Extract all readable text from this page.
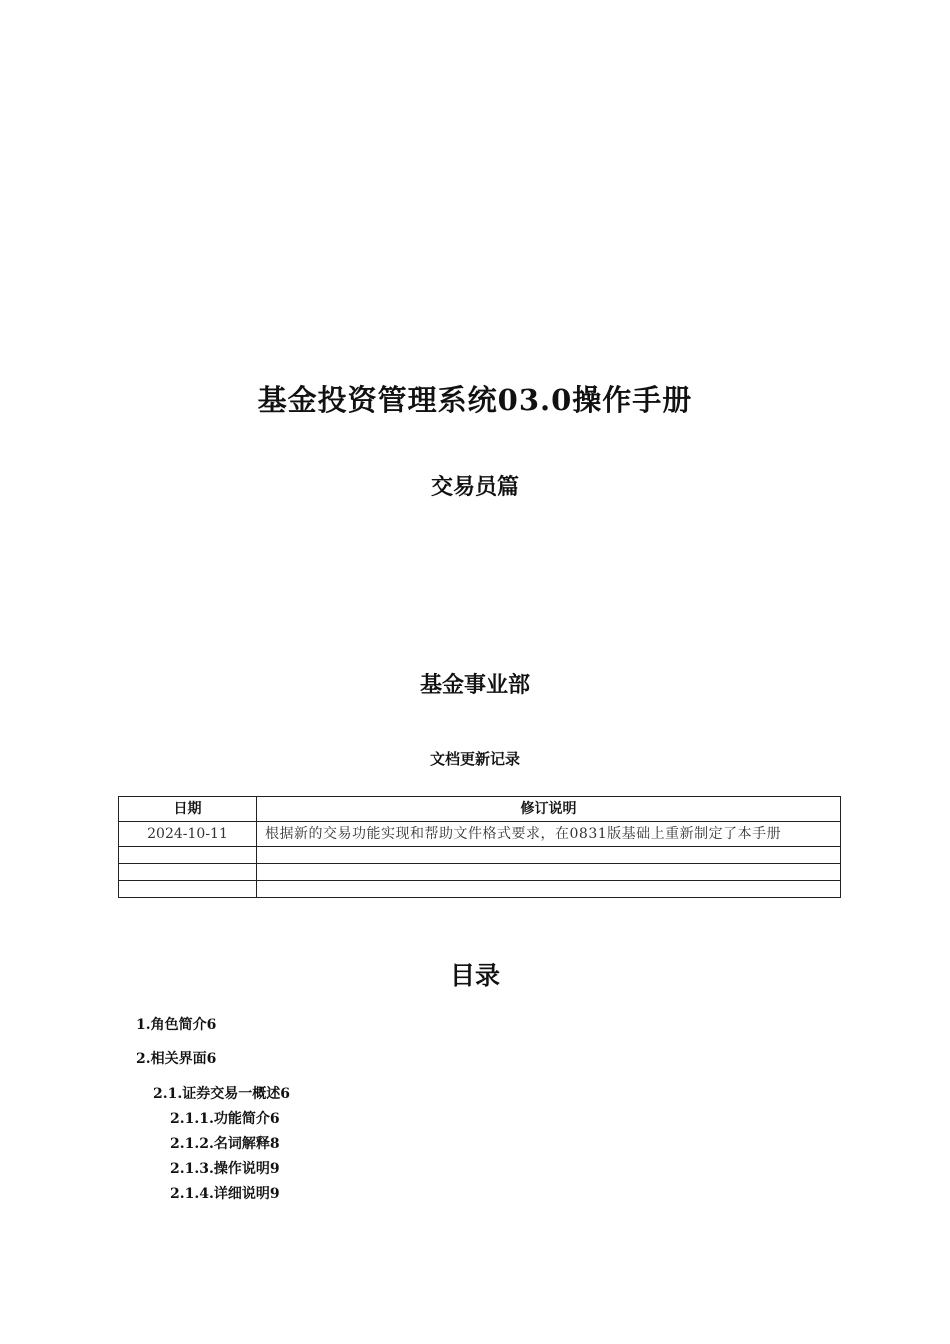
基金投资管理系统03.0操作手册
交易员篇
基金事业部
文档更新记录
日期	修订说明
2024-10-11	根据新的交易功能实现和帮助文件格式要求，在0831版基础上重新制定了本手册

目录
1.角色简介6
2.相关界面6
2.1.证券交易一概述6
2.1.1.功能简介6
2.1.2.名词解释8
2.1.3.操作说明9
2.1.4.详细说明9
